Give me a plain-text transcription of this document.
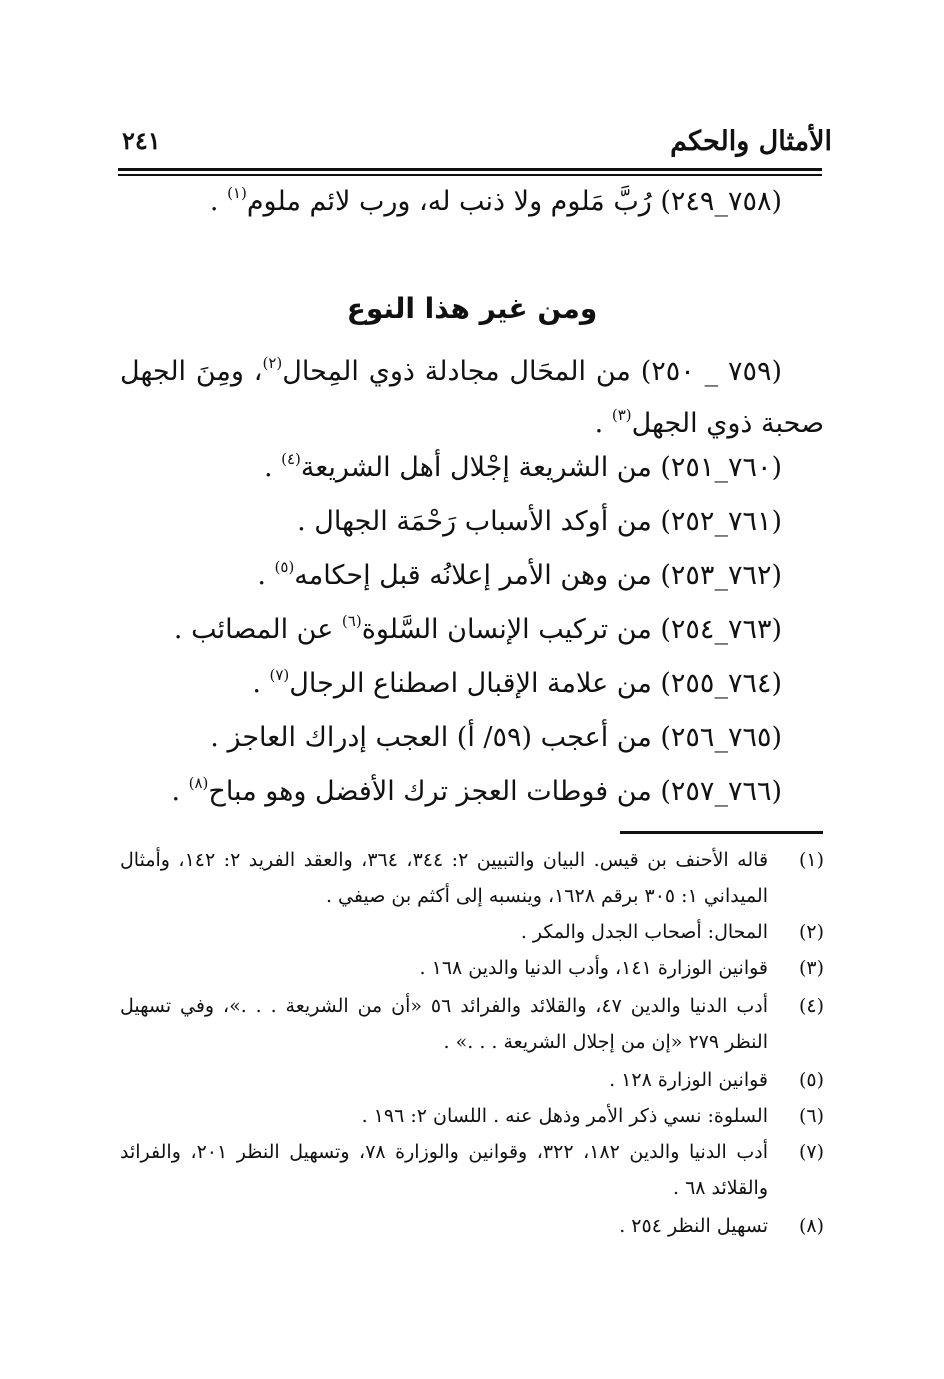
الأمثال والحكم
٢٤١
(٧٥٨_٢٤٩) رُبَّ مَلوم ولا ذنب له، ورب لائم ملوم$^{(١)}$ .
ومن غير هذا النوع
(٧٥٩ _ ٢٥٠) من المحَال مجادلة ذوي المِحال$^{(٢)}$، ومِنَ الجهل صحبة ذوي الجهل$^{(٣)}$ .
(٧٦٠_٢٥١) من الشريعة إجْلال أهل الشريعة$^{(٤)}$ .
(٧٦١_٢٥٢) من أوكد الأسباب رَحْمَة الجهال .
(٧٦٢_٢٥٣) من وهن الأمر إعلانُه قبل إحكامه$^{(٥)}$ .
(٧٦٣_٢٥٤) من تركيب الإنسان السَّلوة$^{(٦)}$ عن المصائب .
(٧٦٤_٢٥٥) من علامة الإقبال اصطناع الرجال$^{(٧)}$ .
(٧٦٥_٢٥٦) من أعجب (٥٩/ أ) العجب إدراك العاجز .
(٧٦٦_٢٥٧) من فوطات العجز ترك الأفضل وهو مباح$^{(٨)}$ .
(١)
قاله الأحنف بن قيس. البيان والتبيين ٢: ٣٤٤، ٣٦٤، والعقد الفريد ٢: ١٤٢، وأمثال الميداني ١: ٣٠٥ برقم ١٦٢٨، وينسبه إلى أكثم بن صيفي .
(٢)
المحال: أصحاب الجدل والمكر .
(٣)
قوانين الوزارة ١٤١، وأدب الدنيا والدين ١٦٨ .
(٤)
أدب الدنيا والدين ٤٧، والقلائد والفرائد ٥٦ «أن من الشريعة . . .»، وفي تسهيل النظر ٢٧٩ «إن من إجلال الشريعة . . .» .
(٥)
قوانين الوزارة ١٢٨ .
(٦)
السلوة: نسي ذكر الأمر وذهل عنه . اللسان ٢: ١٩٦ .
(٧)
أدب الدنيا والدين ١٨٢، ٣٢٢، وقوانين والوزارة ٧٨، وتسهيل النظر ٢٠١، والفرائد والقلائد ٦٨ .
(٨)
تسهيل النظر ٢٥٤ .
